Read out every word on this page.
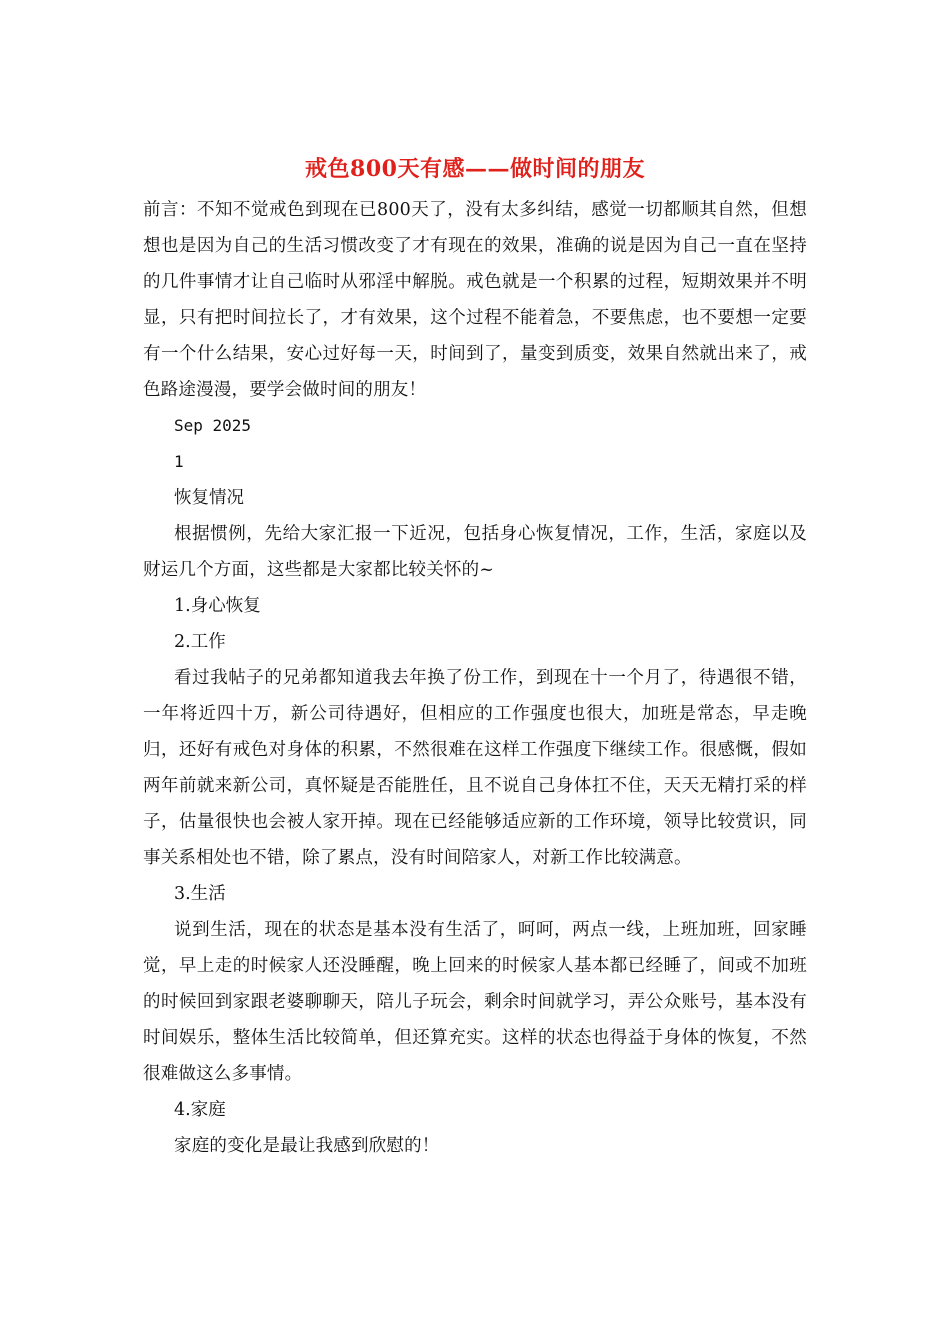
戒色800天有感——做时间的朋友

前言：不知不觉戒色到现在已800天了，没有太多纠结，感觉一切都顺其自然，但想想也是因为自己的生活习惯改变了才有现在的效果，准确的说是因为自己一直在坚持的几件事情才让自己临时从邪淫中解脱。戒色就是一个积累的过程，短期效果并不明显，只有把时间拉长了，才有效果，这个过程不能着急，不要焦虑，也不要想一定要有一个什么结果，安心过好每一天，时间到了，量变到质变，效果自然就出来了，戒色路途漫漫，要学会做时间的朋友！

Sep 2025

1

恢复情况

根据惯例，先给大家汇报一下近况，包括身心恢复情况，工作，生活，家庭以及财运几个方面，这些都是大家都比较关怀的~

1.身心恢复

2.工作

看过我帖子的兄弟都知道我去年换了份工作，到现在十一个月了，待遇很不错，一年将近四十万，新公司待遇好，但相应的工作强度也很大，加班是常态，早走晚归，还好有戒色对身体的积累，不然很难在这样工作强度下继续工作。很感慨，假如两年前就来新公司，真怀疑是否能胜任，且不说自己身体扛不住，天天无精打采的样子，估量很快也会被人家开掉。现在已经能够适应新的工作环境，领导比较赏识，同事关系相处也不错，除了累点，没有时间陪家人，对新工作比较满意。

3.生活

说到生活，现在的状态是基本没有生活了，呵呵，两点一线，上班加班，回家睡觉，早上走的时候家人还没睡醒，晚上回来的时候家人基本都已经睡了，间或不加班的时候回到家跟老婆聊聊天，陪儿子玩会，剩余时间就学习，弄公众账号，基本没有时间娱乐，整体生活比较简单，但还算充实。这样的状态也得益于身体的恢复，不然很难做这么多事情。

4.家庭

家庭的变化是最让我感到欣慰的！
